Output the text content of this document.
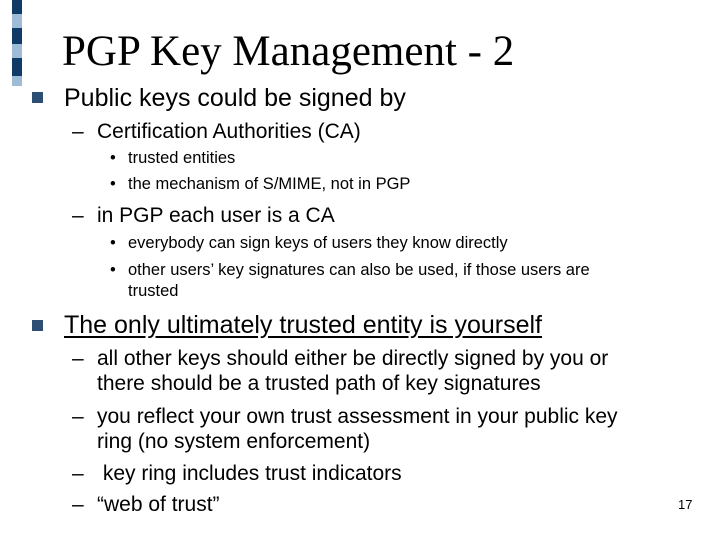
PGP Key Management - 2
Public keys could be signed by
– Certification Authorities (CA)
• trusted entities
• the mechanism of S/MIME, not in PGP
– in PGP each user is a CA
• everybody can sign keys of users they know directly
• other users’ key signatures can also be used, if those users are
trusted
The only ultimately trusted entity is yourself
– all other keys should either be directly signed by you or
there should be a trusted path of key signatures
– you reflect your own trust assessment in your public key
ring (no system enforcement)
– key ring includes trust indicators
– “web of trust”	17
